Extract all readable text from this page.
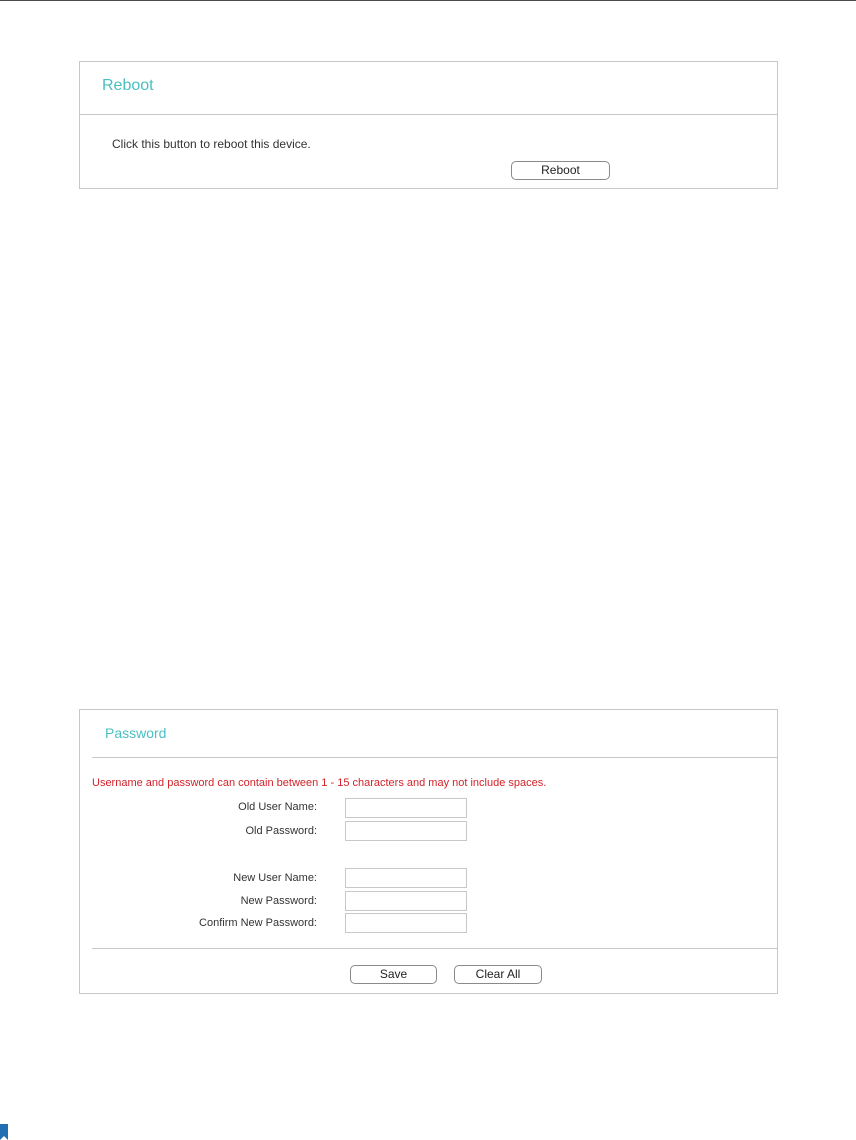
Reboot
Click this button to reboot this device.
Reboot
Password
Username and password can contain between 1 - 15 characters and may not include spaces.
Old User Name:
Old Password:
New User Name:
New Password:
Confirm New Password:
Save	Clear All
